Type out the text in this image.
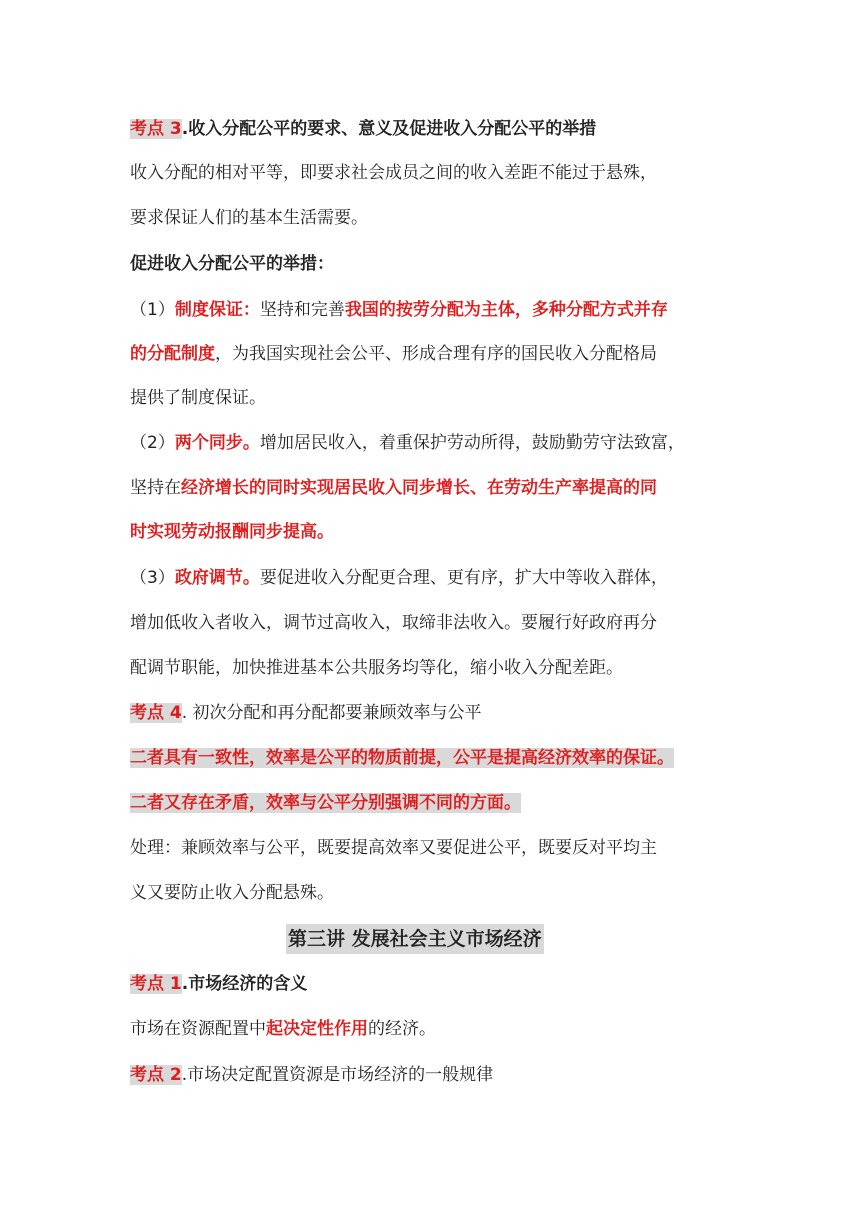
考点 3.收入分配公平的要求、意义及促进收入分配公平的举措
收入分配的相对平等，即要求社会成员之间的收入差距不能过于悬殊，
要求保证人们的基本生活需要。
促进收入分配公平的举措：
（1）制度保证：坚持和完善我国的按劳分配为主体，多种分配方式并存
的分配制度，为我国实现社会公平、形成合理有序的国民收入分配格局
提供了制度保证。
（2）两个同步。增加居民收入，着重保护劳动所得，鼓励勤劳守法致富，
坚持在经济增长的同时实现居民收入同步增长、在劳动生产率提高的同
时实现劳动报酬同步提高。
（3）政府调节。要促进收入分配更合理、更有序，扩大中等收入群体，
增加低收入者收入，调节过高收入，取缔非法收入。要履行好政府再分
配调节职能，加快推进基本公共服务均等化，缩小收入分配差距。
考点 4. 初次分配和再分配都要兼顾效率与公平
二者具有一致性，效率是公平的物质前提，公平是提高经济效率的保证。
二者又存在矛盾，效率与公平分别强调不同的方面。
处理：兼顾效率与公平，既要提高效率又要促进公平，既要反对平均主
义又要防止收入分配悬殊。
第三讲 发展社会主义市场经济
考点 1.市场经济的含义
市场在资源配置中起决定性作用的经济。
考点 2.市场决定配置资源是市场经济的一般规律
